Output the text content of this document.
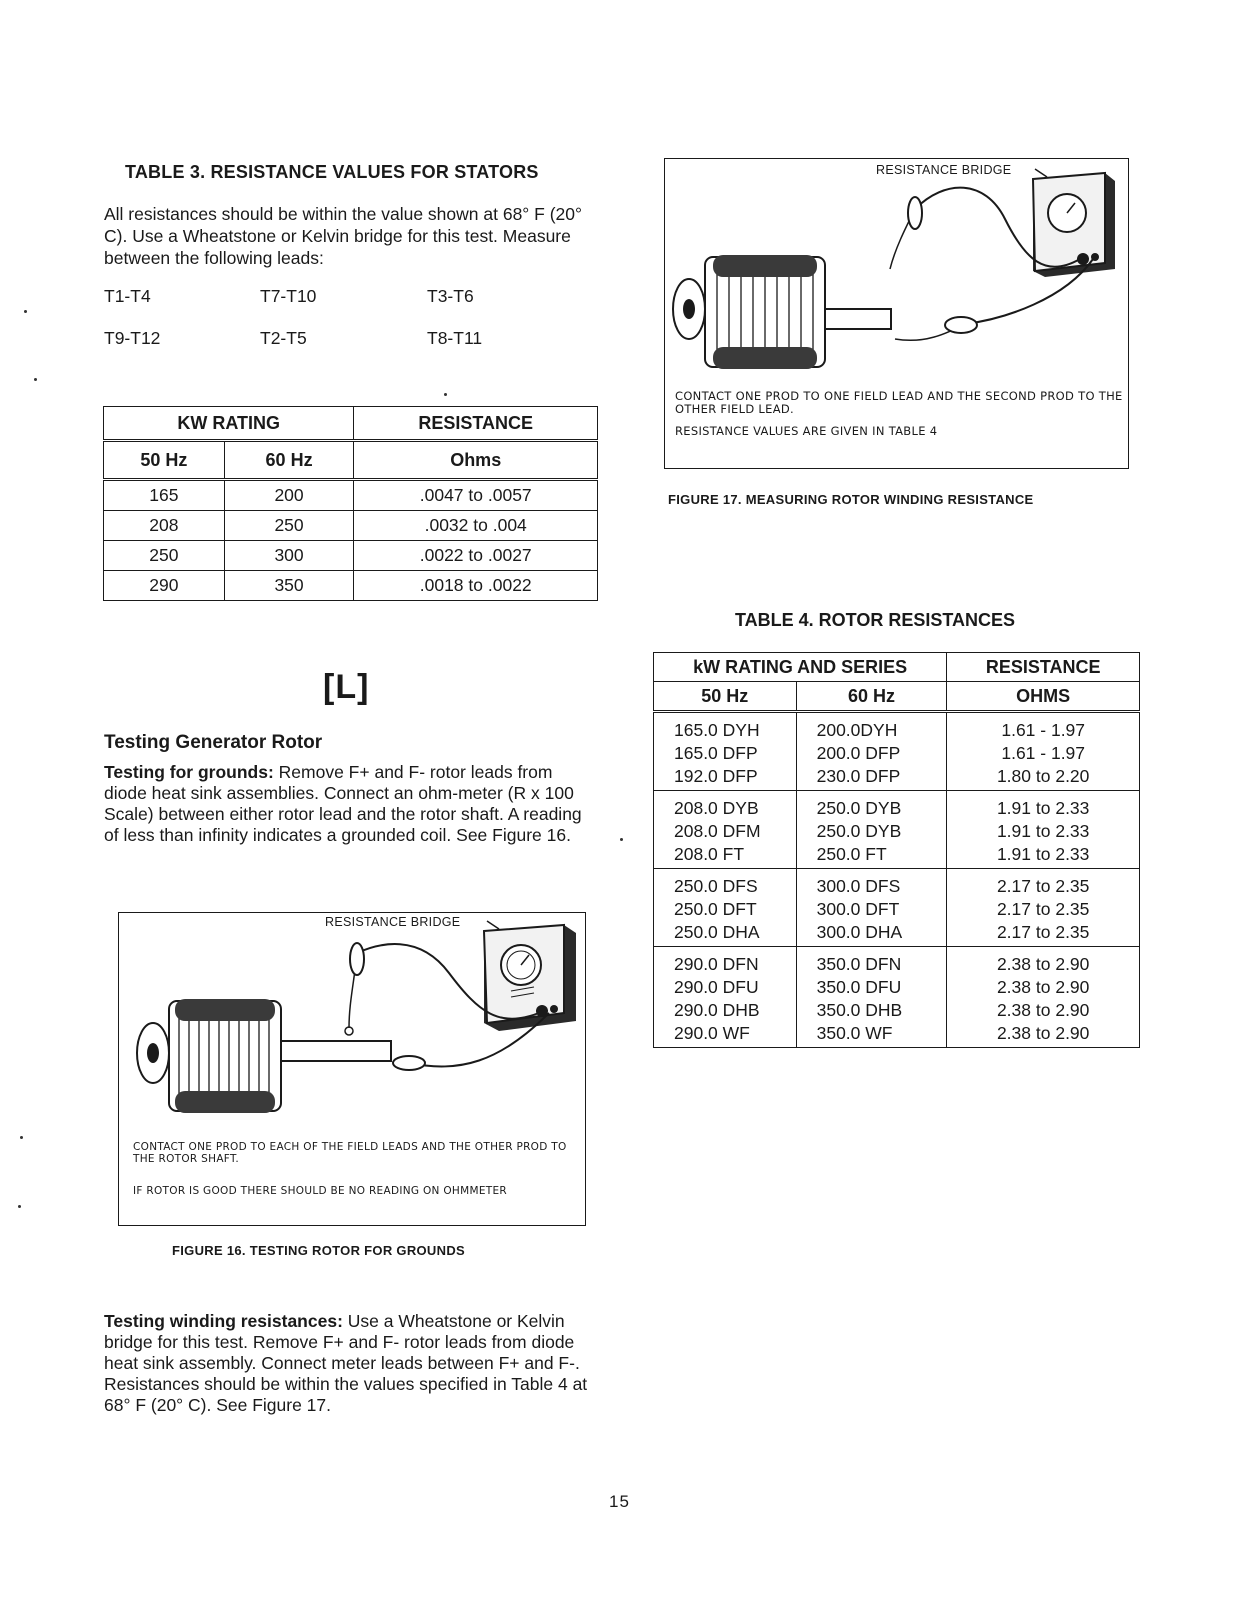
TABLE 3. RESISTANCE VALUES FOR STATORS
All resistances should be within the value shown at 68° F (20° C). Use a Wheatstone or Kelvin bridge for this test. Measure between the following leads:
T1-T4	T7-T10	T3-T6
T9-T12	T2-T5	T8-T11
KW RATING		RESISTANCE
50 Hz	60 Hz	Ohms
165	200	.0047 to .0057
208	250	.0032 to .004
250	300	.0022 to .0027
290	350	.0018 to .0022
[L]
Testing Generator Rotor
Testing for grounds: Remove F+ and F- rotor leads from diode heat sink assemblies. Connect an ohm-meter (R x 100 Scale) between either rotor lead and the rotor shaft. A reading of less than infinity indicates a grounded coil. See Figure 16.
RESISTANCE BRIDGE
CONTACT ONE PROD TO EACH OF THE FIELD LEADS AND THE OTHER PROD TO THE ROTOR SHAFT.
IF ROTOR IS GOOD THERE SHOULD BE NO READING ON OHMMETER
FIGURE 16. TESTING ROTOR FOR GROUNDS
Testing winding resistances: Use a Wheatstone or Kelvin bridge for this test. Remove F+ and F- rotor leads from diode heat sink assembly. Connect meter leads between F+ and F-. Resistances should be within the values specified in Table 4 at 68° F (20° C). See Figure 17.
RESISTANCE BRIDGE
CONTACT ONE PROD TO ONE FIELD LEAD AND THE SECOND PROD TO THE OTHER FIELD LEAD.
RESISTANCE VALUES ARE GIVEN IN TABLE 4
FIGURE 17. MEASURING ROTOR WINDING RESISTANCE
TABLE 4. ROTOR RESISTANCES
kW RATING AND SERIES		RESISTANCE
50 Hz	60 Hz	OHMS
165.0 DYH	200.0DYH	1.61 - 1.97
165.0 DFP	200.0 DFP	1.61 - 1.97
192.0 DFP	230.0 DFP	1.80 to 2.20
208.0 DYB	250.0 DYB	1.91 to 2.33
208.0 DFM	250.0 DYB	1.91 to 2.33
208.0 FT	250.0 FT	1.91 to 2.33
250.0 DFS	300.0 DFS	2.17 to 2.35
250.0 DFT	300.0 DFT	2.17 to 2.35
250.0 DHA	300.0 DHA	2.17 to 2.35
290.0 DFN	350.0 DFN	2.38 to 2.90
290.0 DFU	350.0 DFU	2.38 to 2.90
290.0 DHB	350.0 DHB	2.38 to 2.90
290.0 WF	350.0 WF	2.38 to 2.90
15
